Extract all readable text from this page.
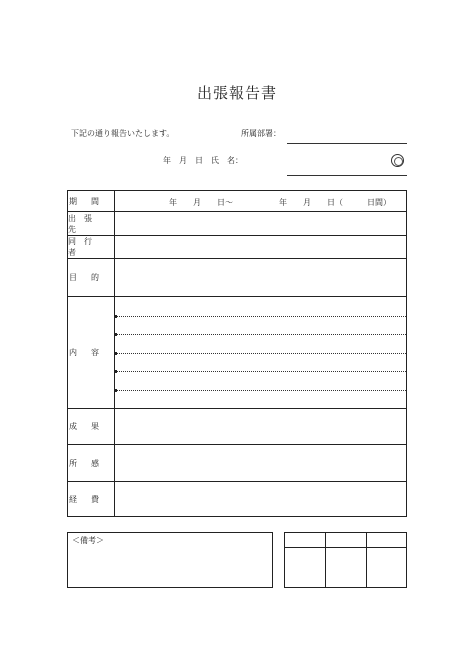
出張報告書
下記の通り報告いたします。	所属部署：
年　月　日　氏　名：
期間	年　　月　　日〜	年　　月　　日（　　　日間）
出張先
同行者
目的
内容
成果
所感
経費
＜備考＞
